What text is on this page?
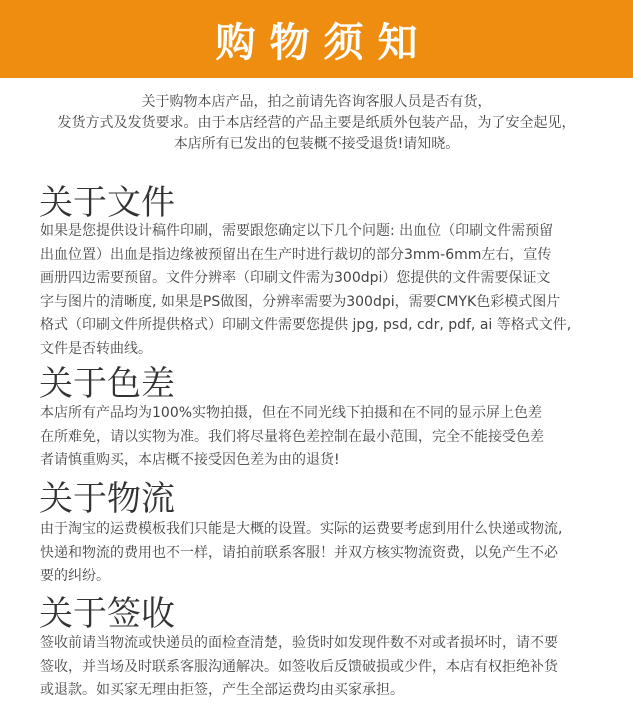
购物须知
关于购物本店产品，拍之前请先咨询客服人员是否有货，
发货方式及发货要求。由于本店经营的产品主要是纸质外包装产品，为了安全起见，
本店所有已发出的包装概不接受退货!请知晓。
关于文件
如果是您提供设计稿件印刷，需要跟您确定以下几个问题: 出血位（印刷文件需预留
出血位置）出血是指边缘被预留出在生产时进行裁切的部分3mm-6mm左右，宣传
画册四边需要预留。文件分辨率（印刷文件需为300dpi）您提供的文件需要保证文
字与图片的清晰度, 如果是PS做图，分辨率需要为300dpi，需要CMYK色彩模式图片
格式（印刷文件所提供格式）印刷文件需要您提供 jpg, psd, cdr, pdf, ai 等格式文件,
文件是否转曲线。
关于色差
本店所有产品均为100%实物拍摄，但在不同光线下拍摄和在不同的显示屏上色差
在所难免，请以实物为准。我们将尽量将色差控制在最小范围，完全不能接受色差
者请慎重购买，本店概不接受因色差为由的退货!
关于物流
由于淘宝的运费模板我们只能是大概的设置。实际的运费要考虑到用什么快递或物流,
快递和物流的费用也不一样，请拍前联系客服！并双方核实物流资费，以免产生不必
要的纠纷。
关于签收
签收前请当物流或快递员的面检查清楚，验货时如发现件数不对或者损坏时，请不要
签收，并当场及时联系客服沟通解决。如签收后反馈破损或少件，本店有权拒绝补货
或退款。如买家无理由拒签，产生全部运费均由买家承担。
